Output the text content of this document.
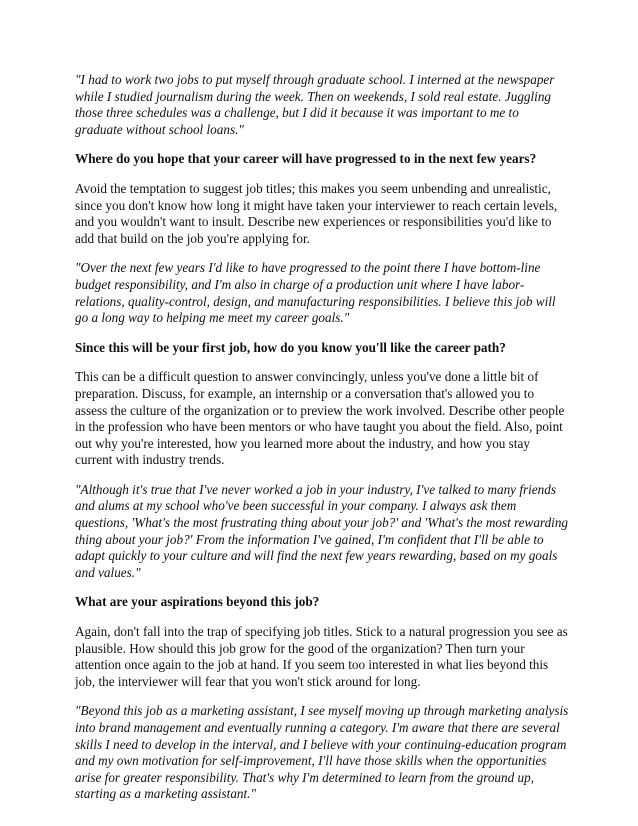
"I had to work two jobs to put myself through graduate school. I interned at the newspaper while I studied journalism during the week. Then on weekends, I sold real estate. Juggling those three schedules was a challenge, but I did it because it was important to me to graduate without school loans."

Where do you hope that your career will have progressed to in the next few years?

Avoid the temptation to suggest job titles; this makes you seem unbending and unrealistic, since you don't know how long it might have taken your interviewer to reach certain levels, and you wouldn't want to insult. Describe new experiences or responsibilities you'd like to add that build on the job you're applying for.

"Over the next few years I'd like to have progressed to the point there I have bottom-line budget responsibility, and I'm also in charge of a production unit where I have labor-relations, quality-control, design, and manufacturing responsibilities. I believe this job will go a long way to helping me meet my career goals."

Since this will be your first job, how do you know you'll like the career path?

This can be a difficult question to answer convincingly, unless you've done a little bit of preparation. Discuss, for example, an internship or a conversation that's allowed you to assess the culture of the organization or to preview the work involved. Describe other people in the profession who have been mentors or who have taught you about the field. Also, point out why you're interested, how you learned more about the industry, and how you stay current with industry trends.

"Although it's true that I've never worked a job in your industry, I've talked to many friends and alums at my school who've been successful in your company. I always ask them questions, 'What's the most frustrating thing about your job?' and 'What's the most rewarding thing about your job?' From the information I've gained, I'm confident that I'll be able to adapt quickly to your culture and will find the next few years rewarding, based on my goals and values."

What are your aspirations beyond this job?

Again, don't fall into the trap of specifying job titles. Stick to a natural progression you see as plausible. How should this job grow for the good of the organization? Then turn your attention once again to the job at hand. If you seem too interested in what lies beyond this job, the interviewer will fear that you won't stick around for long.

"Beyond this job as a marketing assistant, I see myself moving up through marketing analysis into brand management and eventually running a category. I'm aware that there are several skills I need to develop in the interval, and I believe with your continuing-education program and my own motivation for self-improvement, I'll have those skills when the opportunities arise for greater responsibility. That's why I'm determined to learn from the ground up, starting as a marketing assistant."
